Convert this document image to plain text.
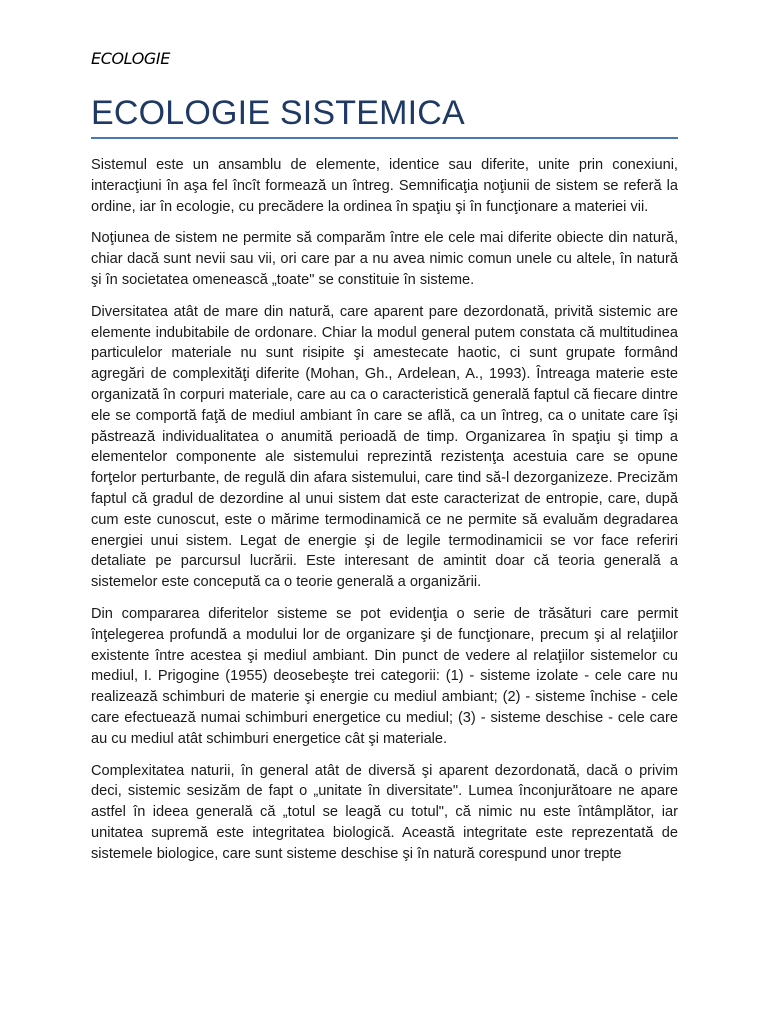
ECOLOGIE
ECOLOGIE SISTEMICA

Sistemul este un ansamblu de elemente, identice sau diferite, unite prin conexiuni, interacţiuni în aşa fel încît formează un întreg. Semnificaţia noţiunii de sistem se referă la ordine, iar în ecologie, cu precădere la ordinea în spaţiu şi în funcţionare a materiei vii.

Noţiunea de sistem ne permite să comparăm între ele cele mai diferite obiecte din natură, chiar dacă sunt nevii sau vii, ori care par a nu avea nimic comun unele cu altele, în natură şi în societatea omenească „toate" se constituie în sisteme.

Diversitatea atât de mare din natură, care aparent pare dezordonată, privită sistemic are elemente indubitabile de ordonare. Chiar la modul general putem constata că multitudinea particulelor materiale nu sunt risipite şi amestecate haotic, ci sunt grupate formând agregări de complexităţi diferite (Mohan, Gh., Ardelean, A., 1993). Întreaga materie este organizată în corpuri materiale, care au ca o caracteristică generală faptul că fiecare dintre ele se comportă faţă de mediul ambiant în care se află, ca un întreg, ca o unitate care îşi păstrează individualitatea o anumită perioadă de timp. Organizarea în spaţiu şi timp a elementelor componente ale sistemului reprezintă rezistenţa acestuia care se opune forţelor perturbante, de regulă din afara sistemului, care tind să-l dezorganizeze. Precizăm faptul că gradul de dezordine al unui sistem dat este caracterizat de entropie, care, după cum este cunoscut, este o mărime termodinamică ce ne permite să evaluăm degradarea energiei unui sistem. Legat de energie şi de legile termodinamicii se vor face referiri detaliate pe parcursul lucrării. Este interesant de amintit doar că teoria generală a sistemelor este concepută ca o teorie generală a organizării.

Din compararea diferitelor sisteme se pot evidenţia o serie de trăsături care permit înţelegerea profundă a modului lor de organizare şi de funcţionare, precum şi al relaţiilor existente între acestea şi mediul ambiant. Din punct de vedere al relaţiilor sistemelor cu mediul, I. Prigogine (1955) deosebeşte trei categorii: (1) - sisteme izolate - cele care nu realizează schimburi de materie şi energie cu mediul ambiant; (2) - sisteme închise - cele care efectuează numai schimburi energetice cu mediul; (3) - sisteme deschise - cele care au cu mediul atât schimburi energetice cât şi materiale.

Complexitatea naturii, în general atât de diversă şi aparent dezordonată, dacă o privim deci, sistemic sesizăm de fapt o „unitate în diversitate". Lumea înconjurătoare ne apare astfel în ideea generală că „totul se leagă cu totul", că nimic nu este întâmplător, iar unitatea supremă este integritatea biologică. Această integritate este reprezentată de sistemele biologice, care sunt sisteme deschise şi în natură corespund unor trepte
